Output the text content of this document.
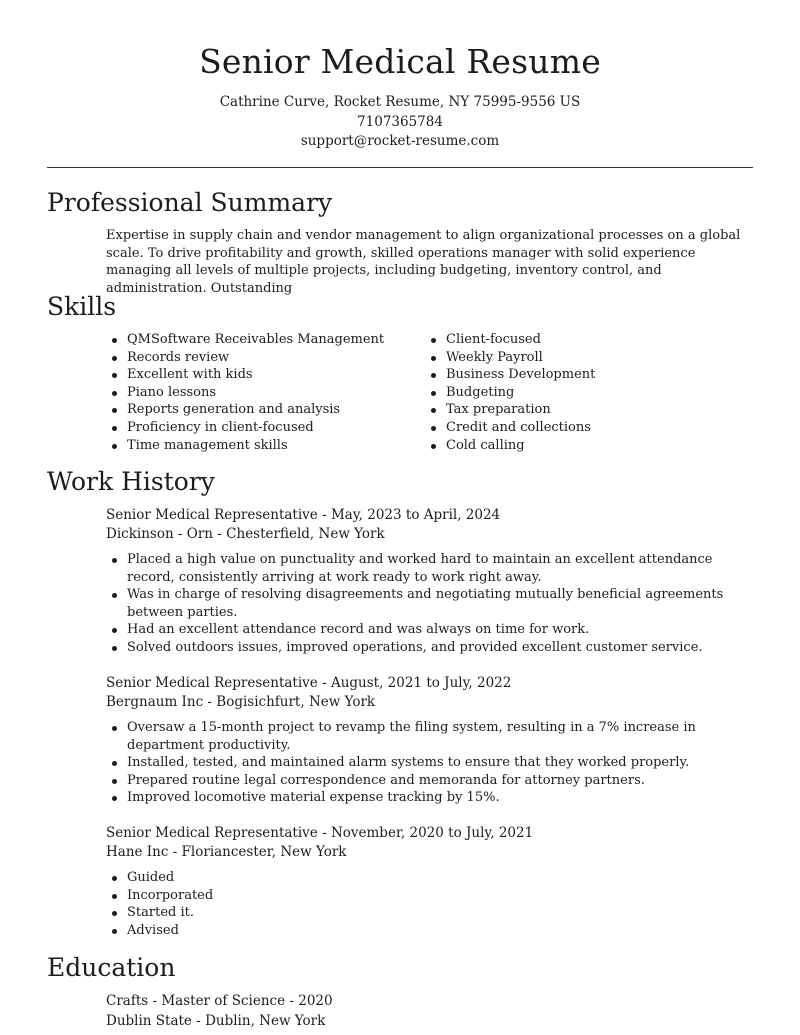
Senior Medical Resume
Cathrine Curve, Rocket Resume, NY 75995-9556 US
7107365784
support@rocket-resume.com
Professional Summary

Expertise in supply chain and vendor management to align organizational processes on a global scale. To drive profitability and growth, skilled operations manager with solid experience managing all levels of multiple projects, including budgeting, inventory control, and administration. Outstanding

Skills
QMSoftware Receivables Management
Records review
Excellent with kids
Piano lessons
Reports generation and analysis
Proficiency in client-focused
Time management skills
Client-focused
Weekly Payroll
Business Development
Budgeting
Tax preparation
Credit and collections
Cold calling
Work History
Senior Medical Representative - May, 2023 to April, 2024
Dickinson - Orn - Chesterfield, New York
Placed a high value on punctuality and worked hard to maintain an excellent attendance record, consistently arriving at work ready to work right away.
Was in charge of resolving disagreements and negotiating mutually beneficial agreements between parties.
Had an excellent attendance record and was always on time for work.
Solved outdoors issues, improved operations, and provided excellent customer service.
Senior Medical Representative - August, 2021 to July, 2022
Bergnaum Inc - Bogisichfurt, New York
Oversaw a 15-month project to revamp the filing system, resulting in a 7% increase in department productivity.
Installed, tested, and maintained alarm systems to ensure that they worked properly.
Prepared routine legal correspondence and memoranda for attorney partners.
Improved locomotive material expense tracking by 15%.
Senior Medical Representative - November, 2020 to July, 2021
Hane Inc - Floriancester, New York
Guided
Incorporated
Started it.
Advised
Education
Crafts - Master of Science - 2020
Dublin State - Dublin, New York
